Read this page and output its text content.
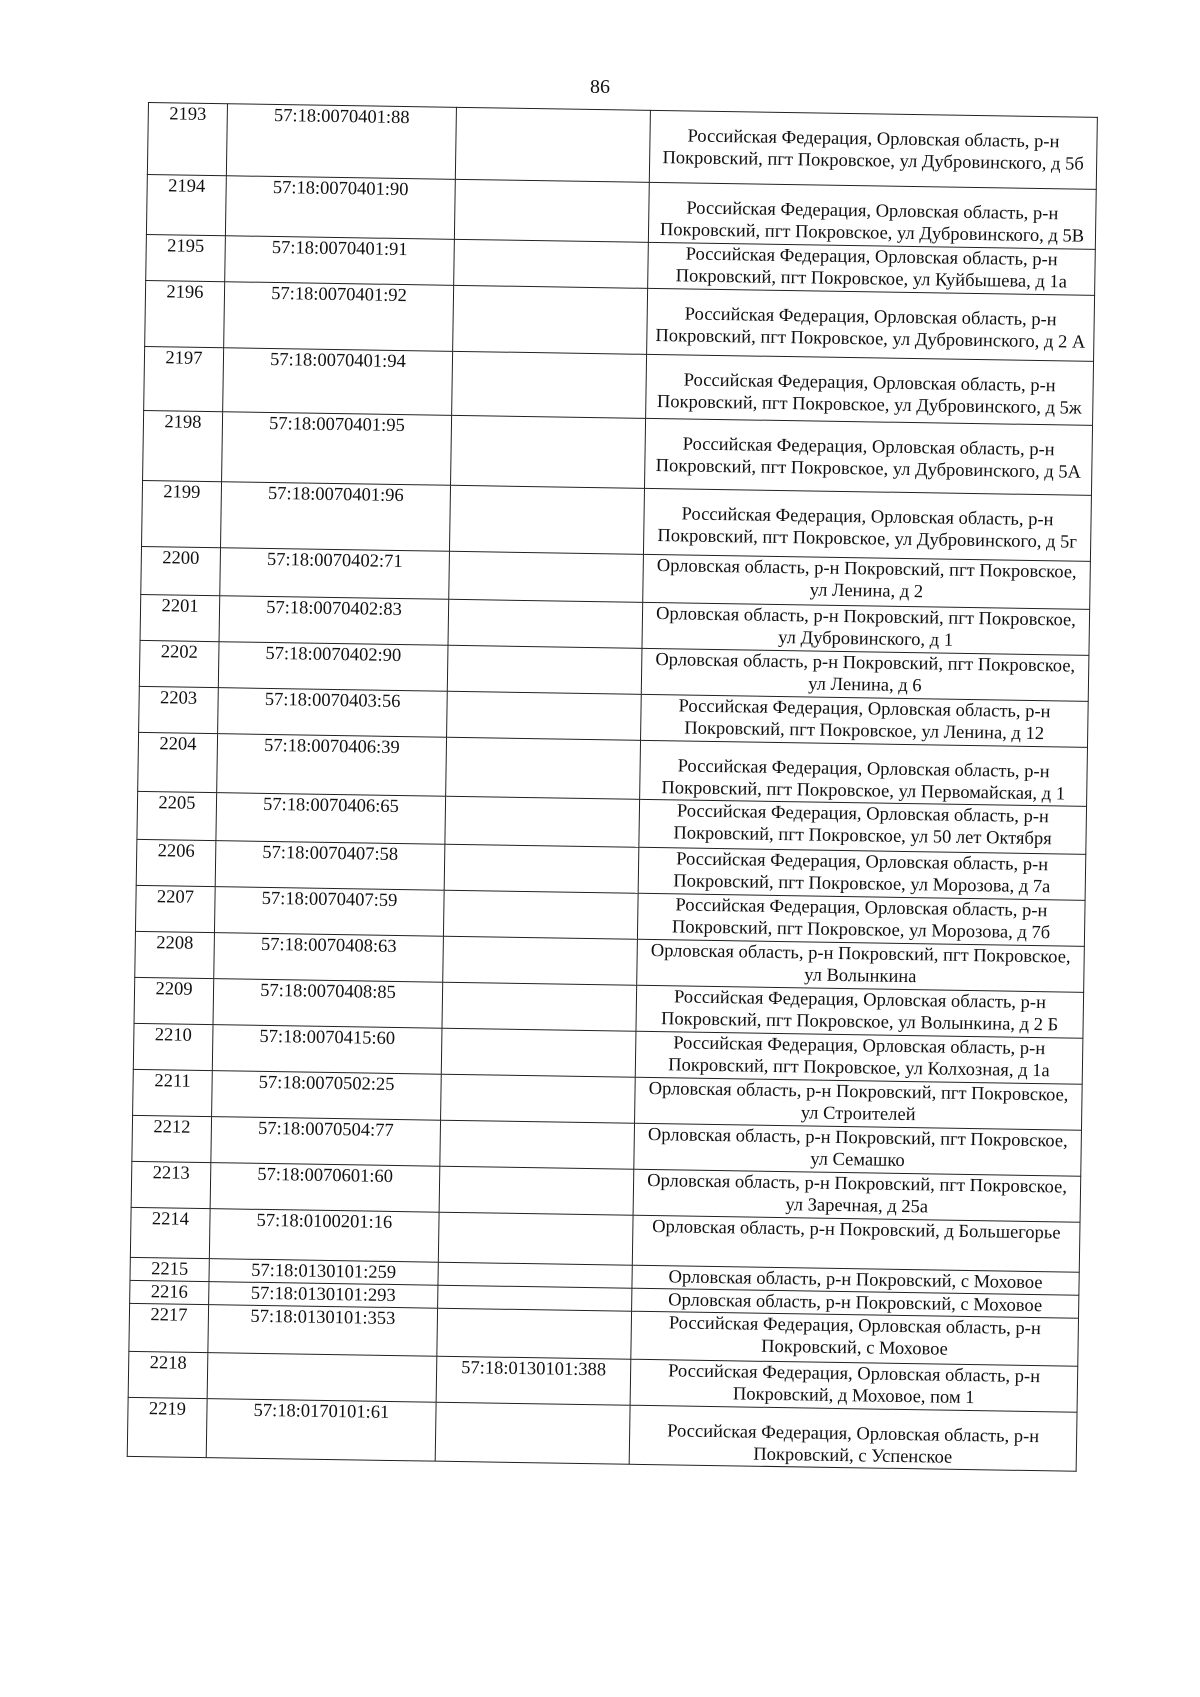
86
2193	57:18:0070401:88		Российская Федерация, Орловская область, р-н Покровский, пгт Покровское, ул Дубровинского, д 5б
2194	57:18:0070401:90		Российская Федерация, Орловская область, р-н Покровский, пгт Покровское, ул Дубровинского, д 5В
2195	57:18:0070401:91		Российская Федерация, Орловская область, р-н Покровский, пгт Покровское, ул Куйбышева, д 1а
2196	57:18:0070401:92		Российская Федерация, Орловская область, р-н Покровский, пгт Покровское, ул Дубровинского, д 2 А
2197	57:18:0070401:94		Российская Федерация, Орловская область, р-н Покровский, пгт Покровское, ул Дубровинского, д 5ж
2198	57:18:0070401:95		Российская Федерация, Орловская область, р-н Покровский, пгт Покровское, ул Дубровинского, д 5А
2199	57:18:0070401:96		Российская Федерация, Орловская область, р-н Покровский, пгт Покровское, ул Дубровинского, д 5г
2200	57:18:0070402:71		Орловская область, р-н Покровский, пгт Покровское, ул Ленина, д 2
2201	57:18:0070402:83		Орловская область, р-н Покровский, пгт Покровское, ул Дубровинского, д 1
2202	57:18:0070402:90		Орловская область, р-н Покровский, пгт Покровское, ул Ленина, д 6
2203	57:18:0070403:56		Российская Федерация, Орловская область, р-н Покровский, пгт Покровское, ул Ленина, д 12
2204	57:18:0070406:39		Российская Федерация, Орловская область, р-н Покровский, пгт Покровское, ул Первомайская, д 1
2205	57:18:0070406:65		Российская Федерация, Орловская область, р-н Покровский, пгт Покровское, ул 50 лет Октября
2206	57:18:0070407:58		Российская Федерация, Орловская область, р-н Покровский, пгт Покровское, ул Морозова, д 7а
2207	57:18:0070407:59		Российская Федерация, Орловская область, р-н Покровский, пгт Покровское, ул Морозова, д 7б
2208	57:18:0070408:63		Орловская область, р-н Покровский, пгт Покровское, ул Волынкина
2209	57:18:0070408:85		Российская Федерация, Орловская область, р-н Покровский, пгт Покровское, ул Волынкина, д 2 Б
2210	57:18:0070415:60		Российская Федерация, Орловская область, р-н Покровский, пгт Покровское, ул Колхозная, д 1а
2211	57:18:0070502:25		Орловская область, р-н Покровский, пгт Покровское, ул Строителей
2212	57:18:0070504:77		Орловская область, р-н Покровский, пгт Покровское, ул Семашко
2213	57:18:0070601:60		Орловская область, р-н Покровский, пгт Покровское, ул Заречная, д 25а
2214	57:18:0100201:16		Орловская область, р-н Покровский, д Большегорье
2215	57:18:0130101:259		Орловская область, р-н Покровский, с Моховое
2216	57:18:0130101:293		Орловская область, р-н Покровский, с Моховое
2217	57:18:0130101:353		Российская Федерация, Орловская область, р-н Покровский, с Моховое
2218		57:18:0130101:388	Российская Федерация, Орловская область, р-н Покровский, д Моховое, пом 1
2219	57:18:0170101:61		Российская Федерация, Орловская область, р-н Покровский, с Успенское
